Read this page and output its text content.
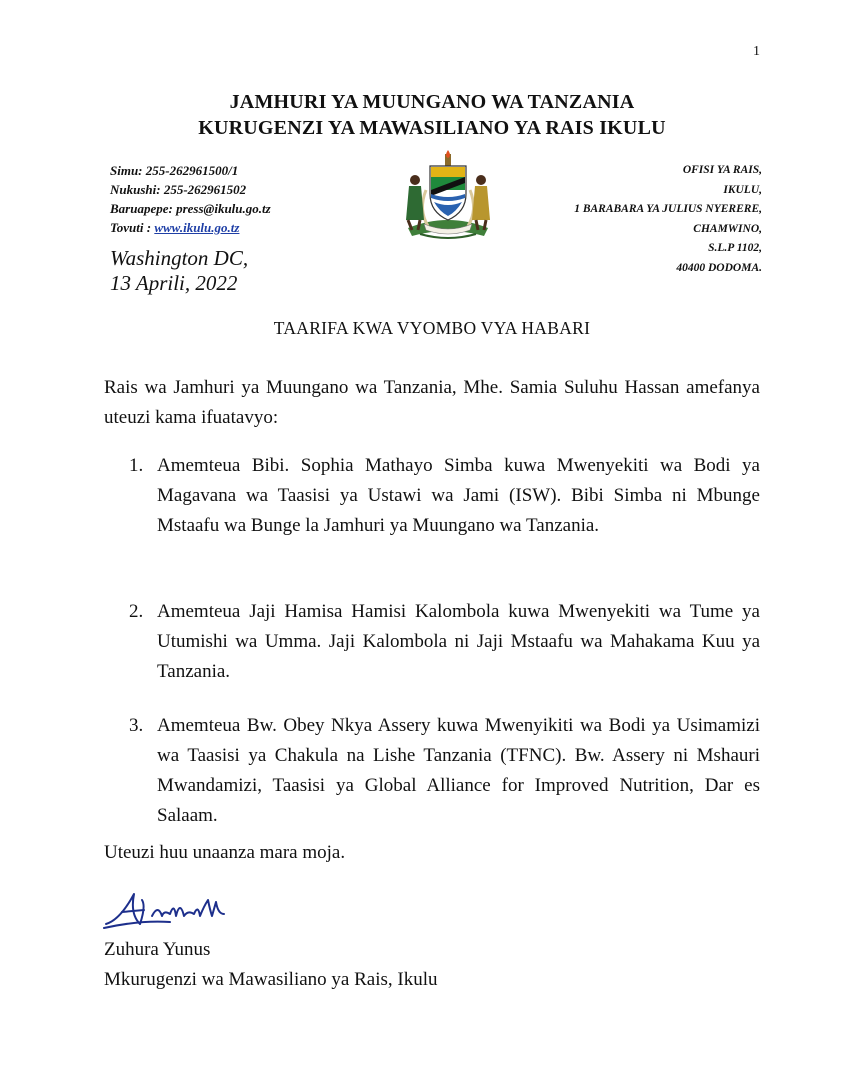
1
JAMHURI YA MUUNGANO WA TANZANIA
KURUGENZI YA MAWASILIANO YA RAIS IKULU
Simu: 255-262961500/1
Nukushi: 255-262961502
Baruapepe: press@ikulu.go.tz
Tovuti : www.ikulu.go.tz
OFISI YA RAIS,
IKULU,
1 BARABARA YA JULIUS NYERERE,
CHAMWINO,
S.L.P 1102,
40400 DODOMA.
Washington DC,
13 Aprili, 2022
TAARIFA KWA VYOMBO VYA HABARI
Rais wa Jamhuri ya Muungano wa Tanzania, Mhe. Samia Suluhu Hassan amefanya uteuzi kama ifuatavyo:
1. Amemteua Bibi. Sophia Mathayo Simba kuwa Mwenyekiti wa Bodi ya Magavana wa Taasisi ya Ustawi wa Jami (ISW). Bibi Simba ni Mbunge Mstaafu wa Bunge la Jamhuri ya Muungano wa Tanzania.
2. Amemteua Jaji Hamisa Hamisi Kalombola kuwa Mwenyekiti wa Tume ya Utumishi wa Umma. Jaji Kalombola ni Jaji Mstaafu wa Mahakama Kuu ya Tanzania.
3. Amemteua Bw. Obey Nkya Assery kuwa Mwenyikiti wa Bodi ya Usimamizi wa Taasisi ya Chakula na Lishe Tanzania (TFNC). Bw. Assery ni Mshauri Mwandamizi, Taasisi ya Global Alliance for Improved Nutrition, Dar es Salaam.
Uteuzi huu unaanza mara moja.
Zuhura Yunus
Mkurugenzi wa Mawasiliano ya Rais, Ikulu
